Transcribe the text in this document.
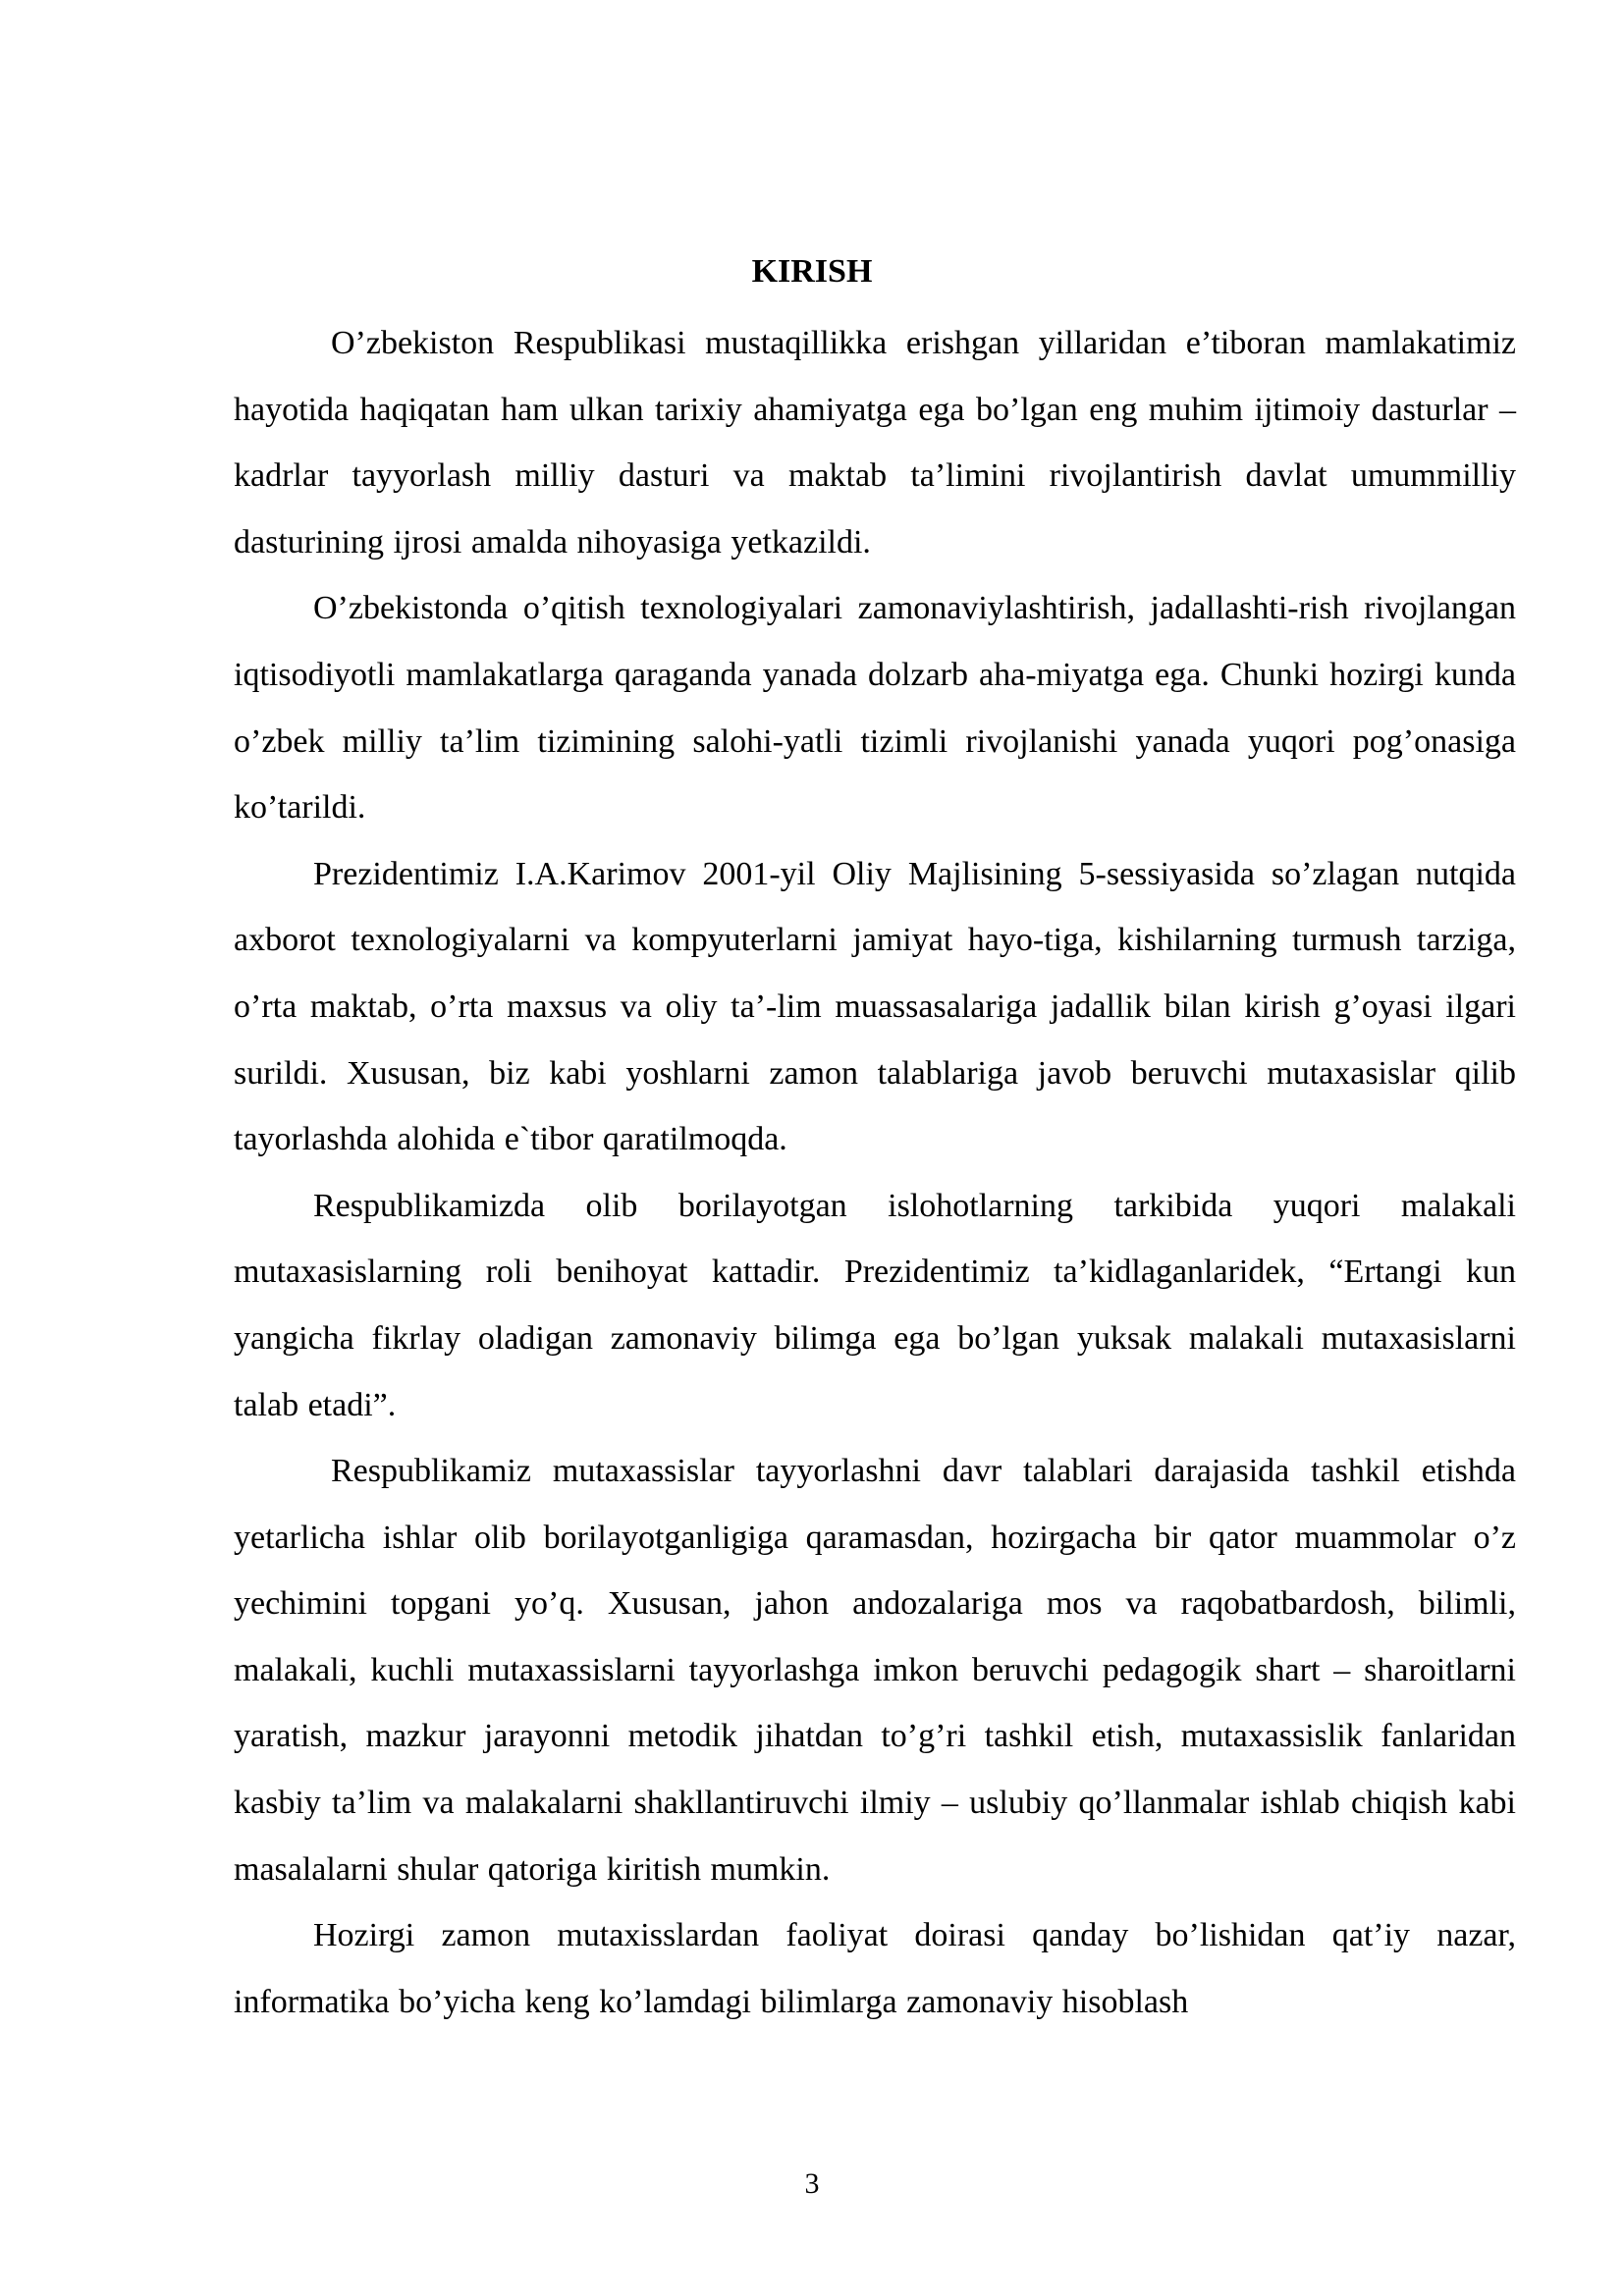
KIRISH

O’zbekiston Respublikasi mustaqillikka erishgan yillaridan e’tiboran mamlakatimiz hayotida haqiqatan ham ulkan tarixiy ahamiyatga ega bo’lgan eng muhim ijtimoiy dasturlar – kadrlar tayyorlash milliy dasturi va maktab ta’limini rivojlantirish davlat umummilliy dasturining ijrosi amalda nihoyasiga yetkazildi.

O’zbekistonda o’qitish texnologiyalari zamonaviylashtirish, jadallashti-rish rivojlangan iqtisodiyotli mamlakatlarga qaraganda yanada dolzarb aha-miyatga ega. Chunki hozirgi kunda o’zbek milliy ta’lim tizimining salohi-yatli tizimli rivojlanishi yanada yuqori pog’onasiga ko’tarildi.

Prezidentimiz I.A.Karimov 2001-yil Oliy Majlisining 5-sessiyasida so’zlagan nutqida axborot texnologiyalarni va kompyuterlarni jamiyat hayo-tiga, kishilarning turmush tarziga, o’rta maktab, o’rta maxsus va oliy ta’-lim muassasalariga jadallik bilan kirish g’oyasi ilgari surildi. Xususan, biz kabi yoshlarni zamon talablariga javob beruvchi mutaxasislar qilib tayorlashda alohida e`tibor qaratilmoqda.

Respublikamizda olib borilayotgan islohotlarning tarkibida yuqori malakali mutaxasislarning roli benihoyat kattadir. Prezidentimiz ta’kidlaganlaridek, “Ertangi kun yangicha fikrlay oladigan zamonaviy bilimga ega bo’lgan yuksak malakali mutaxasislarni talab etadi”.

Respublikamiz mutaxassislar tayyorlashni davr talablari darajasida tashkil etishda yetarlicha ishlar olib borilayotganligiga qaramasdan, hozirgacha bir qator muammolar o’z yechimini topgani yo’q. Xususan, jahon andozalariga mos va raqobatbardosh, bilimli, malakali, kuchli mutaxassislarni tayyorlashga imkon beruvchi pedagogik shart – sharoitlarni yaratish, mazkur jarayonni metodik jihatdan to’g’ri tashkil etish, mutaxassislik fanlaridan kasbiy ta’lim va malakalarni shakllantiruvchi ilmiy – uslubiy qo’llanmalar ishlab chiqish kabi masalalarni shular qatoriga kiritish mumkin.

Hozirgi zamon mutaxisslardan faoliyat doirasi qanday bo’lishidan qat’iy nazar, informatika bo’yicha keng ko’lamdagi bilimlarga zamonaviy hisoblash

3
